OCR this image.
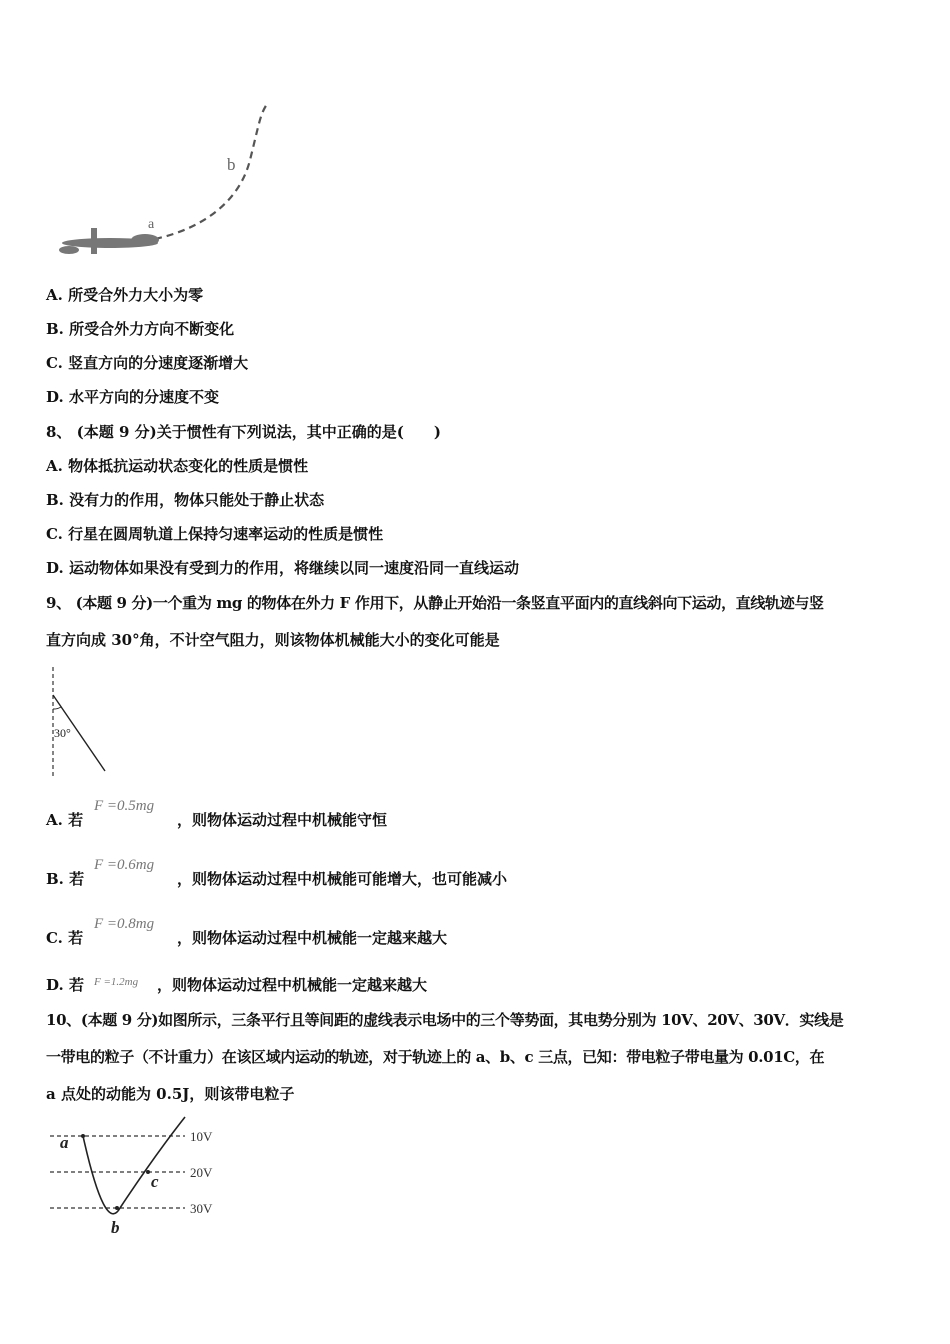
b
a
A. 所受合外力大小为零
B. 所受合外力方向不断变化
C. 竖直方向的分速度逐渐增大
D. 水平方向的分速度不变
8、 (本题 9 分)关于惯性有下列说法，其中正确的是(　　)
A. 物体抵抗运动状态变化的性质是惯性
B. 没有力的作用，物体只能处于静止状态
C. 行星在圆周轨道上保持匀速率运动的性质是惯性
D. 运动物体如果没有受到力的作用，将继续以同一速度沿同一直线运动
9、 (本题 9 分)一个重为 mg 的物体在外力 F 作用下，从静止开始沿一条竖直平面内的直线斜向下运动，直线轨迹与竖
直方向成 30°角，不计空气阻力，则该物体机械能大小的变化可能是
30°
A. 若
F =0.5mg
，则物体运动过程中机械能守恒
B. 若
F =0.6mg
，则物体运动过程中机械能可能增大，也可能减小
C. 若
F =0.8mg
，则物体运动过程中机械能一定越来越大
D. 若 F =1.2mg ，则物体运动过程中机械能一定越来越大
10、(本题 9 分)如图所示，三条平行且等间距的虚线表示电场中的三个等势面，其电势分别为 10V、20V、30V．实线是
一带电的粒子（不计重力）在该区域内运动的轨迹，对于轨迹上的 a、b、c 三点，已知：带电粒子带电量为 0.01C，在
a 点处的动能为 0.5J，则该带电粒子
10V
20V
30V
a
c
b
